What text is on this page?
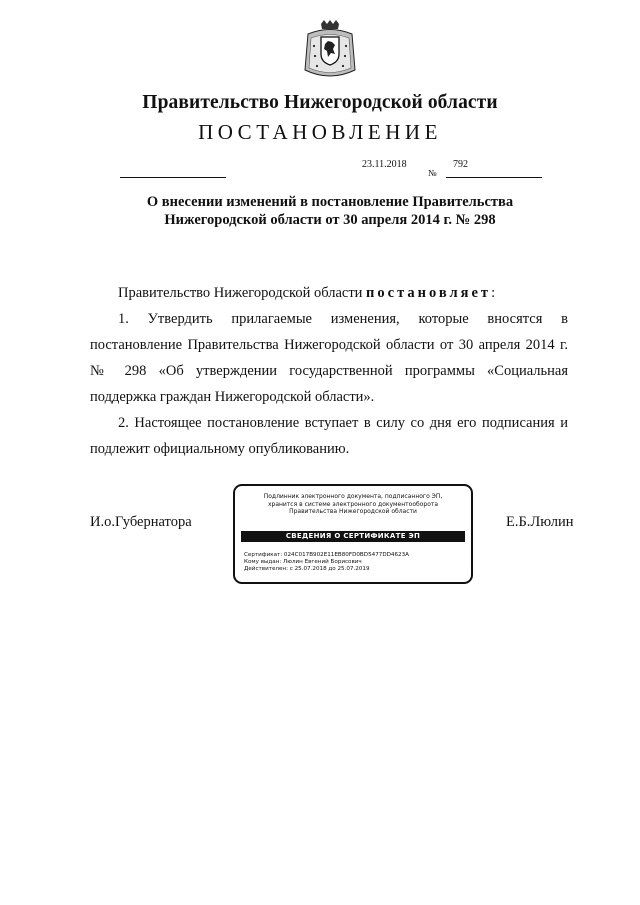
Правительство Нижегородской области
ПОСТАНОВЛЕНИЕ
23.11.2018
№
792
О внесении изменений в постановление Правительства
Нижегородской области от 30 апреля 2014 г. № 298

Правительство Нижегородской области постановляет:

1. Утвердить прилагаемые изменения, которые вносятся в постановление Правительства Нижегородской области от 30 апреля 2014 г. № 298 «Об утверждении государственной программы «Социальная поддержка граждан Нижегородской области».

2. Настоящее постановление вступает в силу со дня его подписания и подлежит официальному опубликованию.

И.о.Губернатора	Е.Б.Люлин
Подлинник электронного документа, подписанного ЭП,
хранится в системе электронного документооборота
Правительства Нижегородской области
СВЕДЕНИЯ О СЕРТИФИКАТЕ ЭП
Сертификат: 024C017B902E11EB80FD0BD5477DD4623A
Кому выдан: Люлин Евгений Борисович
Действителен: с 25.07.2018 до 25.07.2019
